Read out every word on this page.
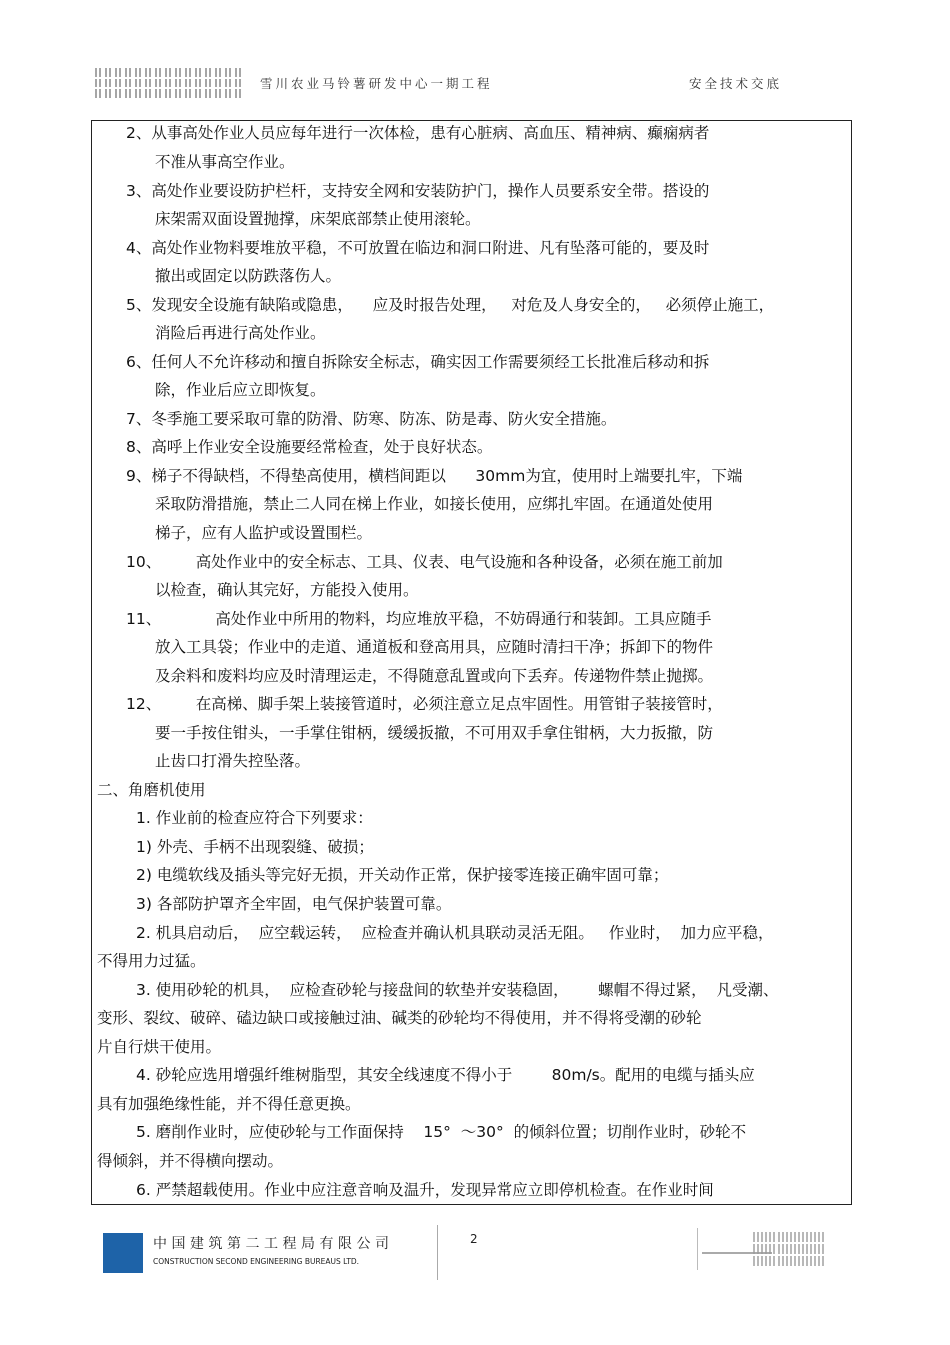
雪川农业马铃薯研发中心一期工程	安全技术交底
2、从事高处作业人员应每年进行一次体检，患有心脏病、高血压、精神病、癫痫病者
不准从事高空作业。
3、高处作业要设防护栏杆，支持安全网和安装防护门，操作人员要系安全带。搭设的
床架需双面设置抛撑，床架底部禁止使用滚轮。
4、高处作业物料要堆放平稳，不可放置在临边和洞口附进、凡有坠落可能的，要及时
撤出或固定以防跌落伤人。
5、发现安全设施有缺陷或隐患，    应及时报告处理，   对危及人身安全的，   必须停止施工，
消险后再进行高处作业。
6、任何人不允许移动和擅自拆除安全标志，确实因工作需要须经工长批准后移动和拆
除，作业后应立即恢复。
7、冬季施工要采取可靠的防滑、防寒、防冻、防是毒、防火安全措施。
8、高呼上作业安全设施要经常检查，处于良好状态。
9、梯子不得缺档，不得垫高使用，横档间距以      30mm为宜，使用时上端要扎牢，下端
采取防滑措施，禁止二人同在梯上作业，如接长使用，应绑扎牢固。在通道处使用
梯子，应有人监护或设置围栏。
10、       高处作业中的安全标志、工具、仪表、电气设施和各种设备，必须在施工前加
以检查，确认其完好，方能投入使用。
11、           高处作业中所用的物料，均应堆放平稳，不妨碍通行和装卸。工具应随手
放入工具袋；作业中的走道、通道板和登高用具，应随时清扫干净；拆卸下的物件
及余料和废料均应及时清理运走，不得随意乱置或向下丢弃。传递物件禁止抛掷。
12、       在高梯、脚手架上装接管道时，必须注意立足点牢固性。用管钳子装接管时，
要一手按住钳头，一手掌住钳柄，缓缓扳撤，不可用双手拿住钳柄，大力扳撤，防
止齿口打滑失控坠落。
二、角磨机使用
1. 作业前的检查应符合下列要求：
1) 外壳、手柄不出现裂缝、破损；
2) 电缆软线及插头等完好无损，开关动作正常，保护接零连接正确牢固可靠；
3) 各部防护罩齐全牢固，电气保护装置可靠。
2. 机具启动后，  应空载运转，  应检查并确认机具联动灵活无阻。   作业时，  加力应平稳，
不得用力过猛。
3. 使用砂轮的机具，  应检查砂轮与接盘间的软垫并安装稳固，      螺帽不得过紧，  凡受潮、
变形、裂纹、破碎、磕边缺口或接触过油、碱类的砂轮均不得使用，并不得将受潮的砂轮
片自行烘干使用。
4. 砂轮应选用增强纤维树脂型，其安全线速度不得小于        80m/s。配用的电缆与插头应
具有加强绝缘性能，并不得任意更换。
5. 磨削作业时，应使砂轮与工作面保持    15°  ～30°  的倾斜位置；切削作业时，砂轮不
得倾斜，并不得横向摆动。
6. 严禁超载使用。作业中应注意音响及温升，发现异常应立即停机检查。在作业时间
中国建筑第二工程局有限公司
CONSTRUCTION SECOND ENGINEERING BUREAUS LTD.
2
